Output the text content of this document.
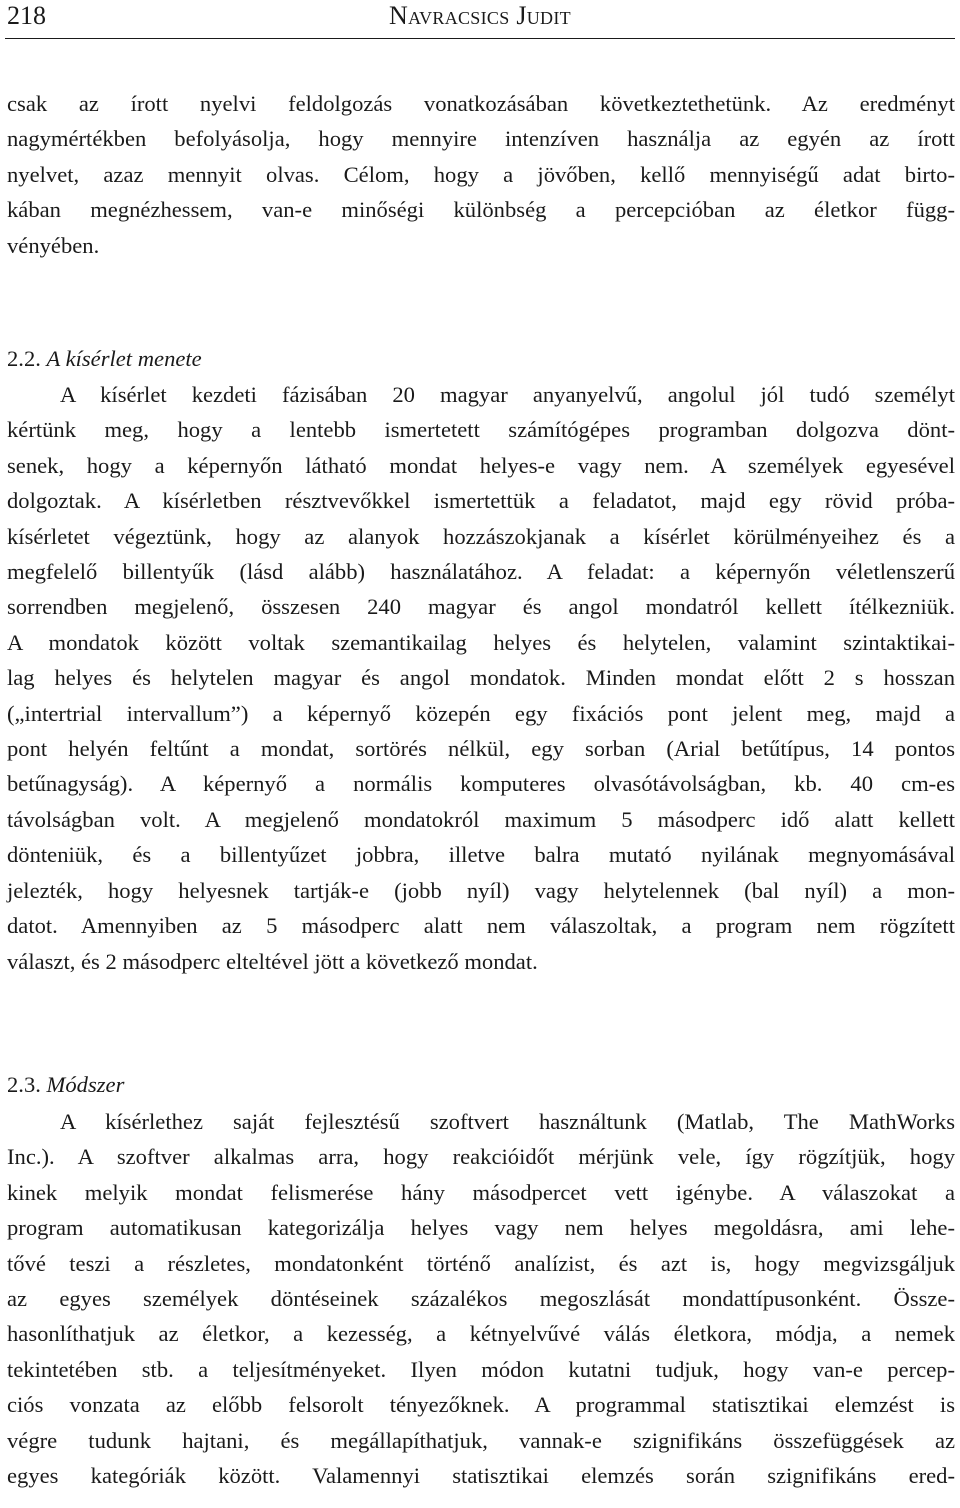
218	Navracsics Judit
csak az írott nyelvi feldolgozás vonatkozásában következtethetünk. Az eredményt
nagymértékben befolyásolja, hogy mennyire intenzíven használja az egyén az írott
nyelvet, azaz mennyit olvas. Célom, hogy a jövőben, kellő mennyiségű adat birto-
kában megnézhessem, van-e minőségi különbség a percepcióban az életkor függ-
vényében.
2.2. A kísérlet menete
A kísérlet kezdeti fázisában 20 magyar anyanyelvű, angolul jól tudó személyt
kértünk meg, hogy a lentebb ismertetett számítógépes programban dolgozva dönt-
senek, hogy a képernyőn látható mondat helyes-e vagy nem. A személyek egyesével
dolgoztak. A kísérletben résztvevőkkel ismertettük a feladatot, majd egy rövid próba-
kísérletet végeztünk, hogy az alanyok hozzászokjanak a kísérlet körülményeihez és a
megfelelő billentyűk (lásd alább) használatához. A feladat: a képernyőn véletlenszerű
sorrendben megjelenő, összesen 240 magyar és angol mondatról kellett ítélkezniük.
A mondatok között voltak szemantikailag helyes és helytelen, valamint szintaktikai-
lag helyes és helytelen magyar és angol mondatok. Minden mondat előtt 2 s hosszan
(„intertrial intervallum”) a képernyő közepén egy fixációs pont jelent meg, majd a
pont helyén feltűnt a mondat, sortörés nélkül, egy sorban (Arial betűtípus, 14 pontos
betűnagyság). A képernyő a normális komputeres olvasótávolságban, kb. 40 cm-es
távolságban volt. A megjelenő mondatokról maximum 5 másodperc idő alatt kellett
dönteniük, és a billentyűzet jobbra, illetve balra mutató nyilának megnyomásával
jelezték, hogy helyesnek tartják-e (jobb nyíl) vagy helytelennek (bal nyíl) a mon-
datot. Amennyiben az 5 másodperc alatt nem válaszoltak, a program nem rögzített
választ, és 2 másodperc elteltével jött a következő mondat.
2.3. Módszer
A kísérlethez saját fejlesztésű szoftvert használtunk (Matlab, The MathWorks
Inc.). A szoftver alkalmas arra, hogy reakcióidőt mérjünk vele, így rögzítjük, hogy
kinek melyik mondat felismerése hány másodpercet vett igénybe. A válaszokat a
program automatikusan kategorizálja helyes vagy nem helyes megoldásra, ami lehe-
tővé teszi a részletes, mondatonként történő analízist, és azt is, hogy megvizsgáljuk
az egyes személyek döntéseinek százalékos megoszlását mondattípusonként. Össze-
hasonlíthatjuk az életkor, a kezesség, a kétnyelvűvé válás életkora, módja, a nemek
tekintetében stb. a teljesítményeket. Ilyen módon kutatni tudjuk, hogy van-e percep-
ciós vonzata az előbb felsorolt tényezőknek. A programmal statisztikai elemzést is
végre tudunk hajtani, és megállapíthatjuk, vannak-e szignifikáns összefüggések az
egyes kategóriák között. Valamennyi statisztikai elemzés során szignifikáns ered-
